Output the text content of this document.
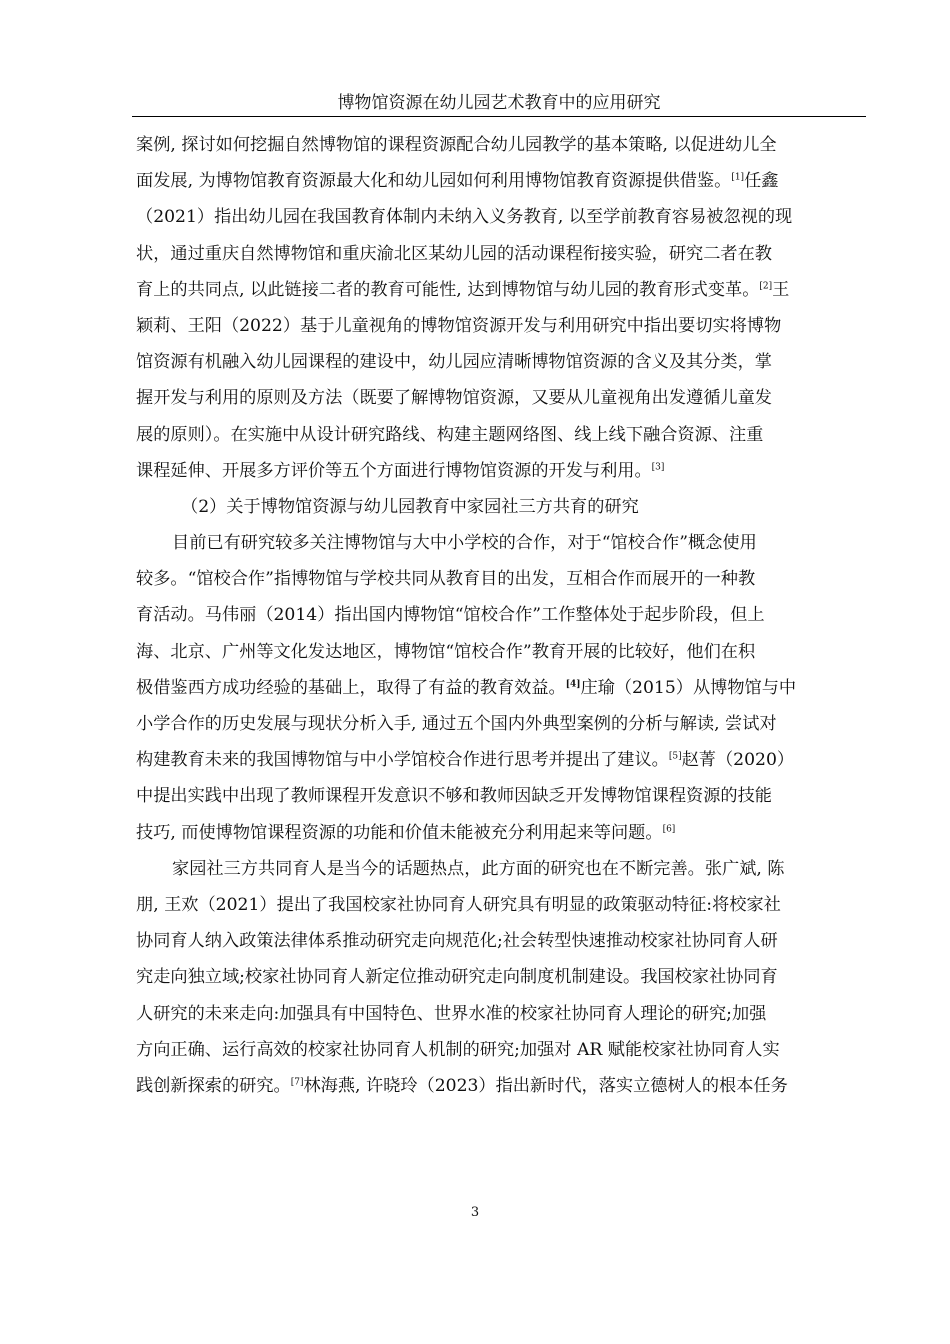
博物馆资源在幼儿园艺术教育中的应用研究
案例, 探讨如何挖掘自然博物馆的课程资源配合幼儿园教学的基本策略, 以促进幼儿全
面发展, 为博物馆教育资源最大化和幼儿园如何利用博物馆教育资源提供借鉴。[1]任鑫
（2021）指出幼儿园在我国教育体制内未纳入义务教育, 以至学前教育容易被忽视的现
状，通过重庆自然博物馆和重庆渝北区某幼儿园的活动课程衔接实验，研究二者在教
育上的共同点, 以此链接二者的教育可能性, 达到博物馆与幼儿园的教育形式变革。[2]王
颖莉、王阳（2022）基于儿童视角的博物馆资源开发与利用研究中指出要切实将博物
馆资源有机融入幼儿园课程的建设中，幼儿园应清晰博物馆资源的含义及其分类，掌
握开发与利用的原则及方法（既要了解博物馆资源，又要从儿童视角出发遵循儿童发
展的原则）。在实施中从设计研究路线、构建主题网络图、线上线下融合资源、注重
课程延伸、开展多方评价等五个方面进行博物馆资源的开发与利用。[3]
（2）关于博物馆资源与幼儿园教育中家园社三方共育的研究
目前已有研究较多关注博物馆与大中小学校的合作，对于“馆校合作”概念使用
较多。“馆校合作”指博物馆与学校共同从教育目的出发，互相合作而展开的一种教
育活动。马伟丽（2014）指出国内博物馆“馆校合作”工作整体处于起步阶段，但上
海、北京、广州等文化发达地区，博物馆“馆校合作”教育开展的比较好，他们在积
极借鉴西方成功经验的基础上，取得了有益的教育效益。[4]庄瑜（2015）从博物馆与中
小学合作的历史发展与现状分析入手, 通过五个国内外典型案例的分析与解读, 尝试对
构建教育未来的我国博物馆与中小学馆校合作进行思考并提出了建议。[5]赵菁（2020）
中提出实践中出现了教师课程开发意识不够和教师因缺乏开发博物馆课程资源的技能
技巧, 而使博物馆课程资源的功能和价值未能被充分利用起来等问题。[6]
家园社三方共同育人是当今的话题热点，此方面的研究也在不断完善。张广斌, 陈
朋, 王欢（2021）提出了我国校家社协同育人研究具有明显的政策驱动特征:将校家社
协同育人纳入政策法律体系推动研究走向规范化;社会转型快速推动校家社协同育人研
究走向独立域;校家社协同育人新定位推动研究走向制度机制建设。我国校家社协同育
人研究的未来走向:加强具有中国特色、世界水准的校家社协同育人理论的研究;加强
方向正确、运行高效的校家社协同育人机制的研究;加强对 AR 赋能校家社协同育人实
践创新探索的研究。[7]林海燕, 许晓玲（2023）指出新时代，落实立德树人的根本任务
3
